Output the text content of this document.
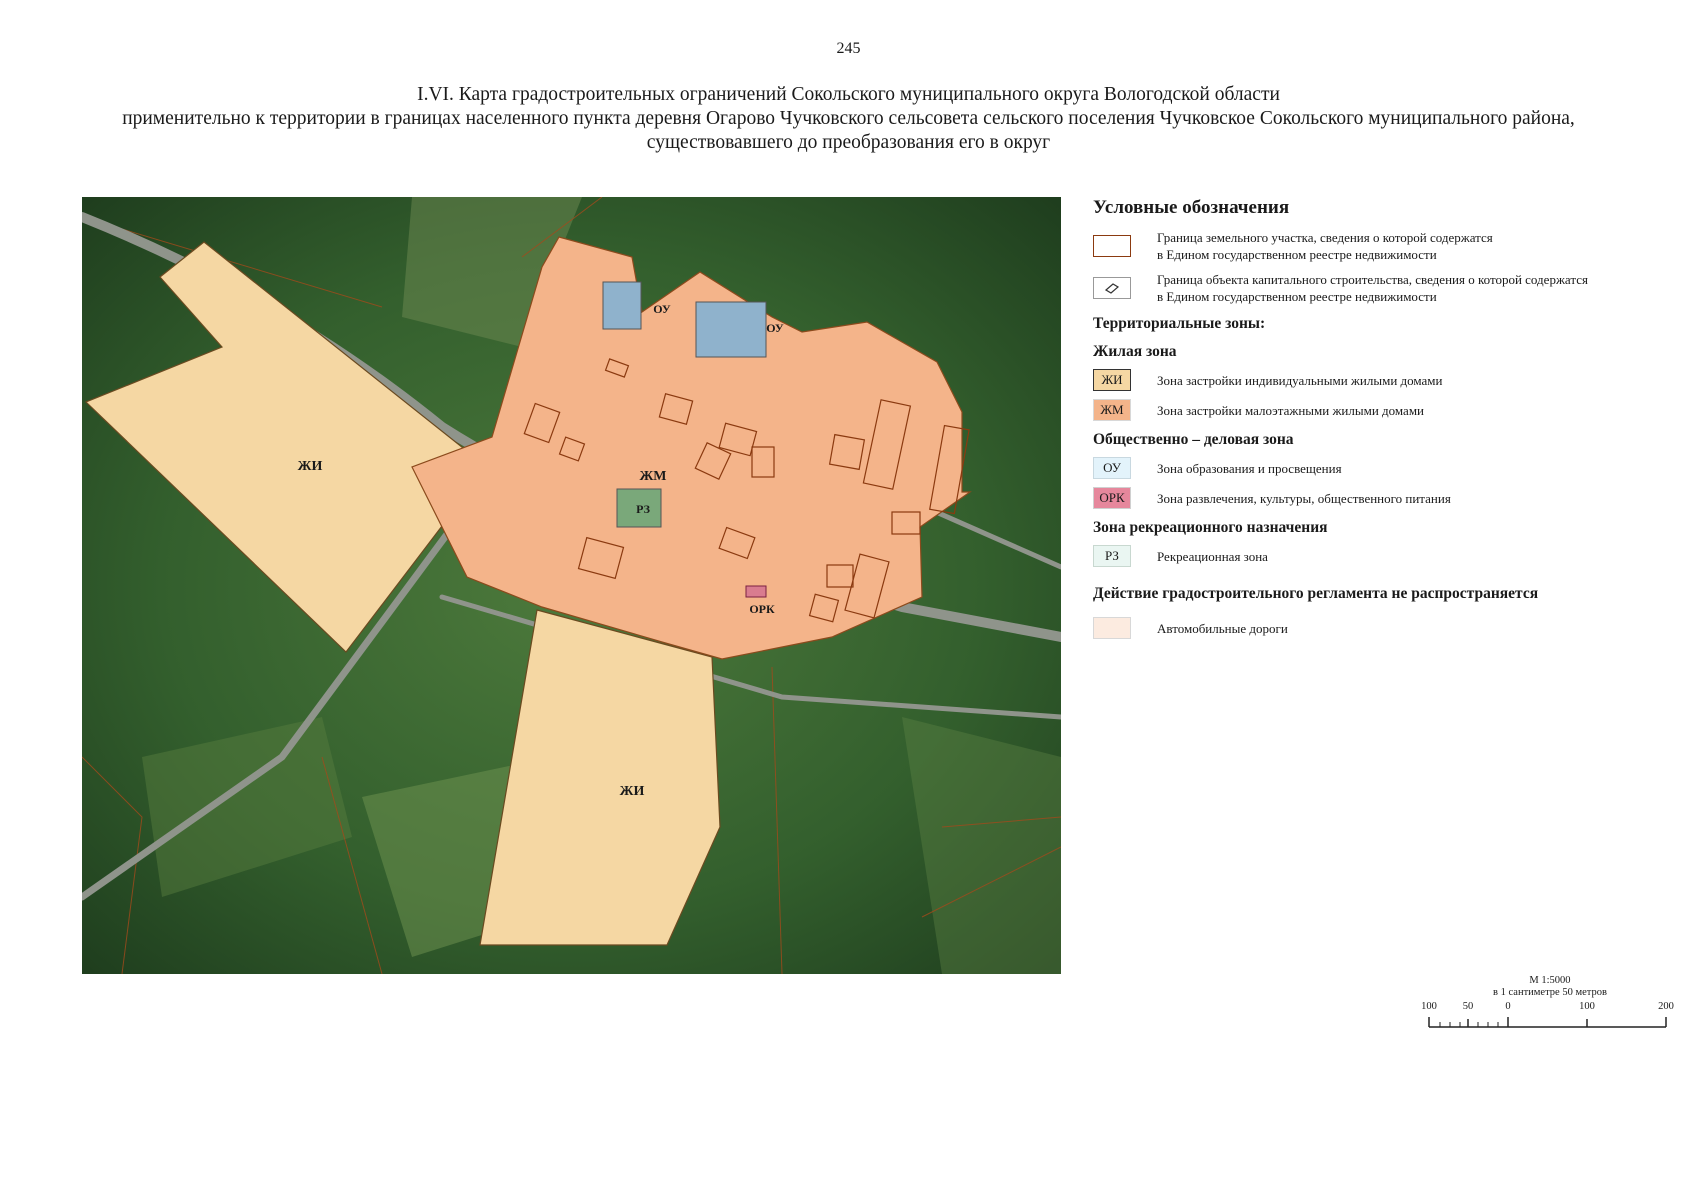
245
I.VI. Карта градостроительных ограничений Сокольского муниципального округа Вологодской области
применительно к территории в границах населенного пункта деревня Огарово Чучковского сельсовета сельского поселения Чучковское Сокольского муниципального района,
существовавшего до преобразования его в округ
ЖИ
ЖИ
ЖМ
ОУ
ОУ
РЗ
ОРК
Условные обозначения
Граница земельного участка, сведения о которой содержатся
в Едином государственном реестре недвижимости
Граница объекта капитального строительства, сведения о которой содержатся
в Едином государственном реестре недвижимости
Территориальные зоны:
Жилая зона
ЖИ	Зона застройки индивидуальными жилыми домами
ЖМ	Зона застройки малоэтажными жилыми домами
Общественно – деловая зона
ОУ	Зона образования и просвещения
ОРК	Зона развлечения, культуры, общественного питания
Зона рекреационного назначения
РЗ	Рекреационная зона
Действие градостроительного регламента не распространяется
Автомобильные дороги
М 1:5000
в 1 сантиметре 50 метров
100 50	0	100	200
